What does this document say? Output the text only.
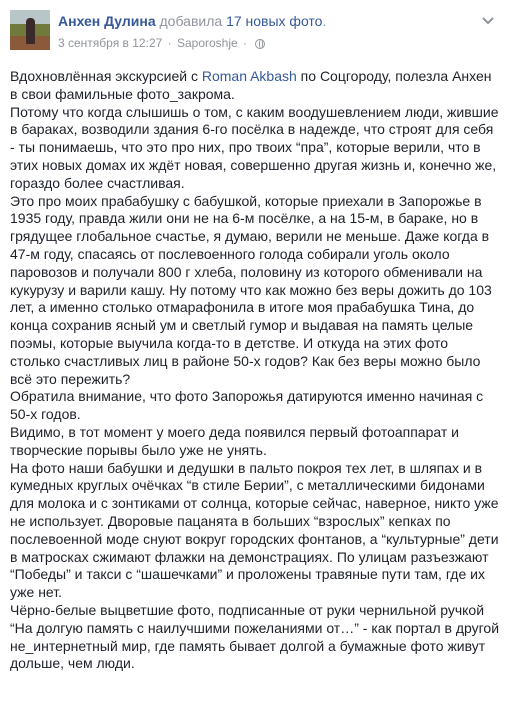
Анхен Дулина добавила 17 новых фото.
3 сентября в 12:27 · Saporoshje ·

Вдохновлённая экскурсией с Roman Akbash по Соцгороду, полезла Анхен в свои фамильные фото_закрома.

Потому что когда слышишь о том, с каким воодушевлением люди, жившие в бараках, возводили здания 6-го посёлка в надежде, что строят для себя - ты понимаешь, что это про них, про твоих “пра”, которые верили, что в этих новых домах их ждёт новая, совершенно другая жизнь и, конечно же, гораздо более счастливая.

Это про моих прабабушку с бабушкой, которые приехали в Запорожье в 1935 году, правда жили они не на 6-м посёлке, а на 15-м, в бараке, но в грядущее глобальное счастье, я думаю, верили не меньше. Даже когда в 47-м году, спасаясь от послевоенного голода собирали уголь около паровозов и получали 800 г хлеба, половину из которого обменивали на кукурузу и варили кашу. Ну потому что как можно без веры дожить до 103 лет, а именно столько отмарафонила в итоге моя прабабушка Тина, до конца сохранив ясный ум и светлый гумор и выдавая на память целые поэмы, которые выучила когда-то в детстве. И откуда на этих фото столько счастливых лиц в районе 50-х годов? Как без веры можно было всё это пережить?

Обратила внимание, что фото Запорожья датируются именно начиная с 50-х годов.

Видимо, в тот момент у моего деда появился первый фотоаппарат и творческие порывы было уже не унять.

На фото наши бабушки и дедушки в пальто покроя тех лет, в шляпах и в кумедных круглых очёчках “в стиле Берии”, с металлическими бидонами для молока и с зонтиками от солнца, которые сейчас, наверное, никто уже не использует. Дворовые пацанята в больших “взрослых” кепках по послевоенной моде снуют вокруг городских фонтанов, а “культурные” дети в матросках сжимают флажки на демонстрациях. По улицам разъезжают “Победы” и такси с “шашечками” и проложены травяные пути там, где их уже нет.

Чёрно-белые выцветшие фото, подписанные от руки чернильной ручкой “На долгую память с наилучшими пожеланиями от…” - как портал в другой не_интернетный мир, где память бывает долгой а бумажные фото живут дольше, чем люди.
